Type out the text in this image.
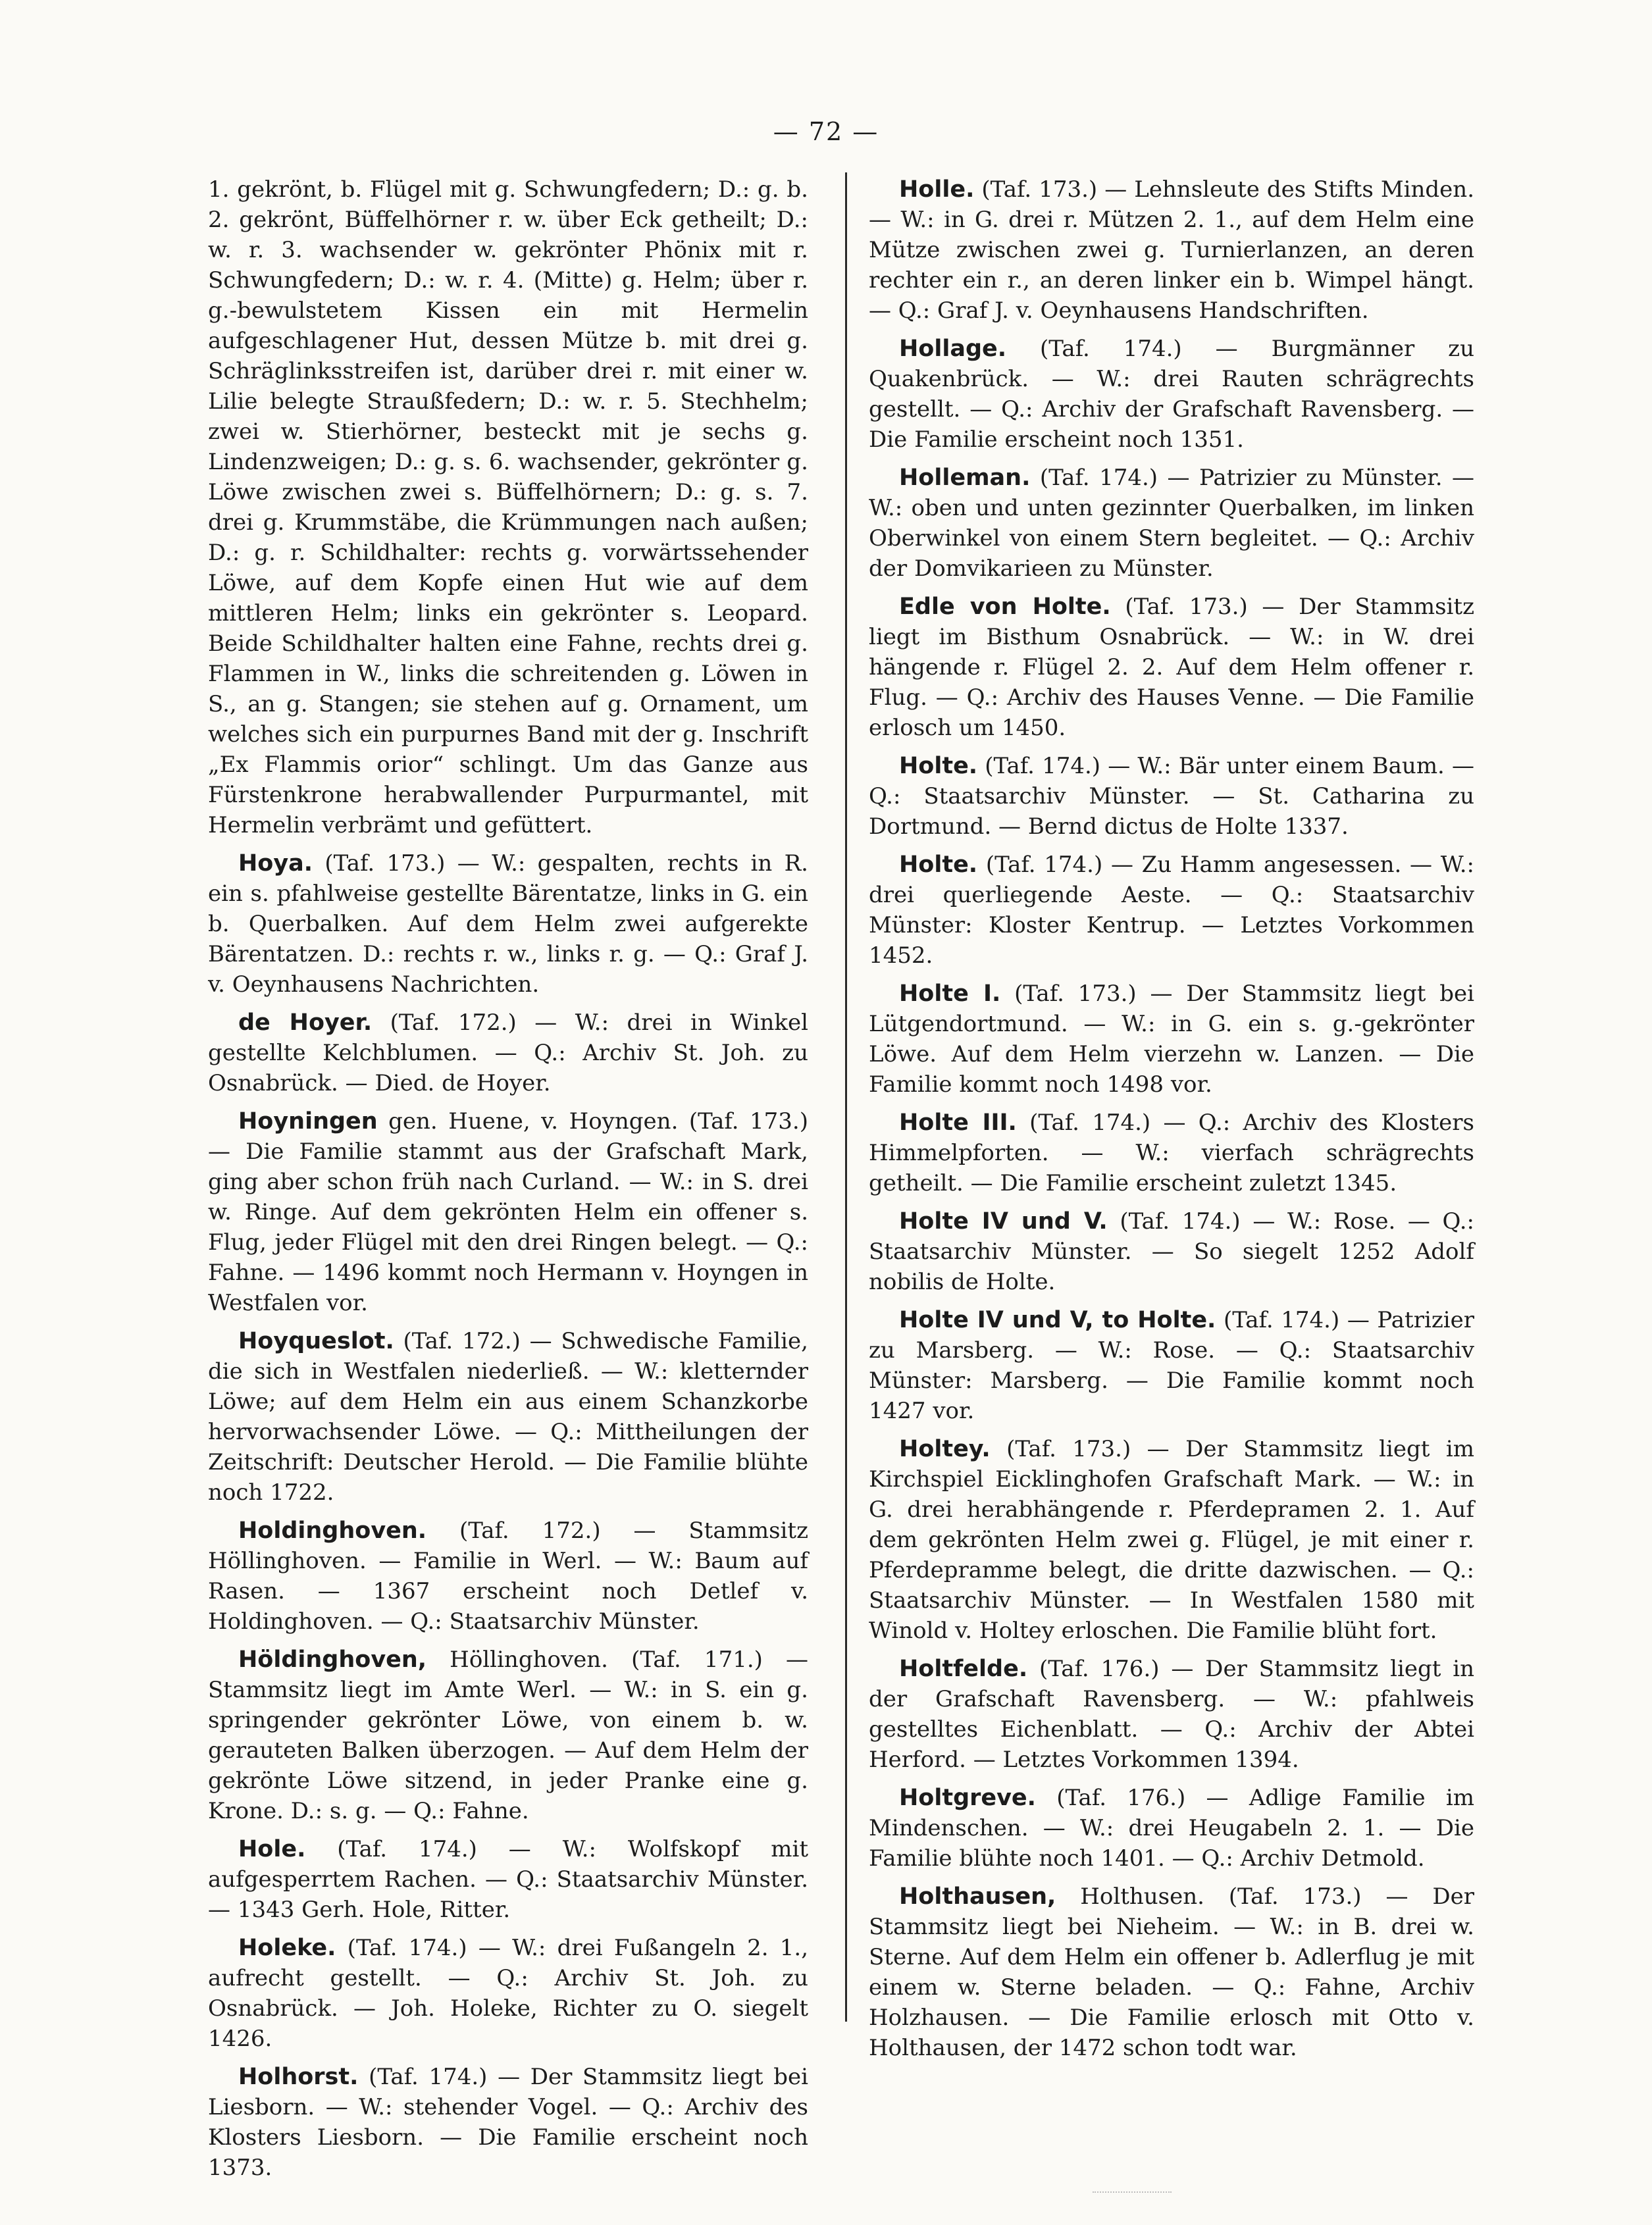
— 72 —

1. gekrönt, b. Flügel mit g. Schwungfedern; D.: g. b. 2. gekrönt, Büffelhörner r. w. über Eck getheilt; D.: w. r. 3. wachsender w. gekrönter Phönix mit r. Schwungfedern; D.: w. r. 4. (Mitte) g. Helm; über r. g.-bewulstetem Kissen ein mit Hermelin aufgeschlagener Hut, dessen Mütze b. mit drei g. Schräglinksstreifen ist, darüber drei r. mit einer w. Lilie belegte Straußfedern; D.: w. r. 5. Stechhelm; zwei w. Stierhörner, besteckt mit je sechs g. Lindenzweigen; D.: g. s. 6. wachsender, gekrönter g. Löwe zwischen zwei s. Büffelhörnern; D.: g. s. 7. drei g. Krummstäbe, die Krümmungen nach außen; D.: g. r. Schildhalter: rechts g. vorwärtssehender Löwe, auf dem Kopfe einen Hut wie auf dem mittleren Helm; links ein gekrönter s. Leopard. Beide Schildhalter halten eine Fahne, rechts drei g. Flammen in W., links die schreitenden g. Löwen in S., an g. Stangen; sie stehen auf g. Ornament, um welches sich ein purpurnes Band mit der g. Inschrift „Ex Flammis orior“ schlingt. Um das Ganze aus Fürstenkrone herabwallender Purpurmantel, mit Hermelin verbrämt und gefüttert.

Hoya. (Taf. 173.) — W.: gespalten, rechts in R. ein s. pfahlweise gestellte Bärentatze, links in G. ein b. Querbalken. Auf dem Helm zwei aufgerekte Bärentatzen. D.: rechts r. w., links r. g. — Q.: Graf J. v. Oeynhausens Nachrichten.

de Hoyer. (Taf. 172.) — W.: drei in Winkel gestellte Kelchblumen. — Q.: Archiv St. Joh. zu Osnabrück. — Died. de Hoyer.

Hoyningen gen. Huene, v. Hoyngen. (Taf. 173.) — Die Familie stammt aus der Grafschaft Mark, ging aber schon früh nach Curland. — W.: in S. drei w. Ringe. Auf dem gekrönten Helm ein offener s. Flug, jeder Flügel mit den drei Ringen belegt. — Q.: Fahne. — 1496 kommt noch Hermann v. Hoyngen in Westfalen vor.

Hoyqueslot. (Taf. 172.) — Schwedische Familie, die sich in Westfalen niederließ. — W.: kletternder Löwe; auf dem Helm ein aus einem Schanzkorbe hervorwachsender Löwe. — Q.: Mittheilungen der Zeitschrift: Deutscher Herold. — Die Familie blühte noch 1722.

Holdinghoven. (Taf. 172.) — Stammsitz Höllinghoven. — Familie in Werl. — W.: Baum auf Rasen. — 1367 erscheint noch Detlef v. Holdinghoven. — Q.: Staatsarchiv Münster.

Höldinghoven, Höllinghoven. (Taf. 171.) — Stammsitz liegt im Amte Werl. — W.: in S. ein g. springender gekrönter Löwe, von einem b. w. gerauteten Balken überzogen. — Auf dem Helm der gekrönte Löwe sitzend, in jeder Pranke eine g. Krone. D.: s. g. — Q.: Fahne.

Hole. (Taf. 174.) — W.: Wolfskopf mit aufgesperrtem Rachen. — Q.: Staatsarchiv Münster. — 1343 Gerh. Hole, Ritter.

Holeke. (Taf. 174.) — W.: drei Fußangeln 2. 1., aufrecht gestellt. — Q.: Archiv St. Joh. zu Osnabrück. — Joh. Holeke, Richter zu O. siegelt 1426.

Holhorst. (Taf. 174.) — Der Stammsitz liegt bei Liesborn. — W.: stehender Vogel. — Q.: Archiv des Klosters Liesborn. — Die Familie erscheint noch 1373.

Holle. (Taf. 173.) — Lehnsleute des Stifts Minden. — W.: in G. drei r. Mützen 2. 1., auf dem Helm eine Mütze zwischen zwei g. Turnierlanzen, an deren rechter ein r., an deren linker ein b. Wimpel hängt. — Q.: Graf J. v. Oeynhausens Handschriften.

Hollage. (Taf. 174.) — Burgmänner zu Quakenbrück. — W.: drei Rauten schrägrechts gestellt. — Q.: Archiv der Grafschaft Ravensberg. — Die Familie erscheint noch 1351.

Holleman. (Taf. 174.) — Patrizier zu Münster. — W.: oben und unten gezinnter Querbalken, im linken Oberwinkel von einem Stern begleitet. — Q.: Archiv der Domvikarieen zu Münster.

Edle von Holte. (Taf. 173.) — Der Stammsitz liegt im Bisthum Osnabrück. — W.: in W. drei hängende r. Flügel 2. 2. Auf dem Helm offener r. Flug. — Q.: Archiv des Hauses Venne. — Die Familie erlosch um 1450.

Holte. (Taf. 174.) — W.: Bär unter einem Baum. — Q.: Staatsarchiv Münster. — St. Catharina zu Dortmund. — Bernd dictus de Holte 1337.

Holte. (Taf. 174.) — Zu Hamm angesessen. — W.: drei querliegende Aeste. — Q.: Staatsarchiv Münster: Kloster Kentrup. — Letztes Vorkommen 1452.

Holte I. (Taf. 173.) — Der Stammsitz liegt bei Lütgendortmund. — W.: in G. ein s. g.-gekrönter Löwe. Auf dem Helm vierzehn w. Lanzen. — Die Familie kommt noch 1498 vor.

Holte III. (Taf. 174.) — Q.: Archiv des Klosters Himmelpforten. — W.: vierfach schrägrechts getheilt. — Die Familie erscheint zuletzt 1345.

Holte IV und V. (Taf. 174.) — W.: Rose. — Q.: Staatsarchiv Münster. — So siegelt 1252 Adolf nobilis de Holte.

Holte IV und V, to Holte. (Taf. 174.) — Patrizier zu Marsberg. — W.: Rose. — Q.: Staatsarchiv Münster: Marsberg. — Die Familie kommt noch 1427 vor.

Holtey. (Taf. 173.) — Der Stammsitz liegt im Kirchspiel Eicklinghofen Grafschaft Mark. — W.: in G. drei herabhängende r. Pferdepramen 2. 1. Auf dem gekrönten Helm zwei g. Flügel, je mit einer r. Pferdepramme belegt, die dritte dazwischen. — Q.: Staatsarchiv Münster. — In Westfalen 1580 mit Winold v. Holtey erloschen. Die Familie blüht fort.

Holtfelde. (Taf. 176.) — Der Stammsitz liegt in der Grafschaft Ravensberg. — W.: pfahlweis gestelltes Eichenblatt. — Q.: Archiv der Abtei Herford. — Letztes Vorkommen 1394.

Holtgreve. (Taf. 176.) — Adlige Familie im Mindenschen. — W.: drei Heugabeln 2. 1. — Die Familie blühte noch 1401. — Q.: Archiv Detmold.

Holthausen, Holthusen. (Taf. 173.) — Der Stammsitz liegt bei Nieheim. — W.: in B. drei w. Sterne. Auf dem Helm ein offener b. Adlerflug je mit einem w. Sterne beladen. — Q.: Fahne, Archiv Holzhausen. — Die Familie erlosch mit Otto v. Holthausen, der 1472 schon todt war.
